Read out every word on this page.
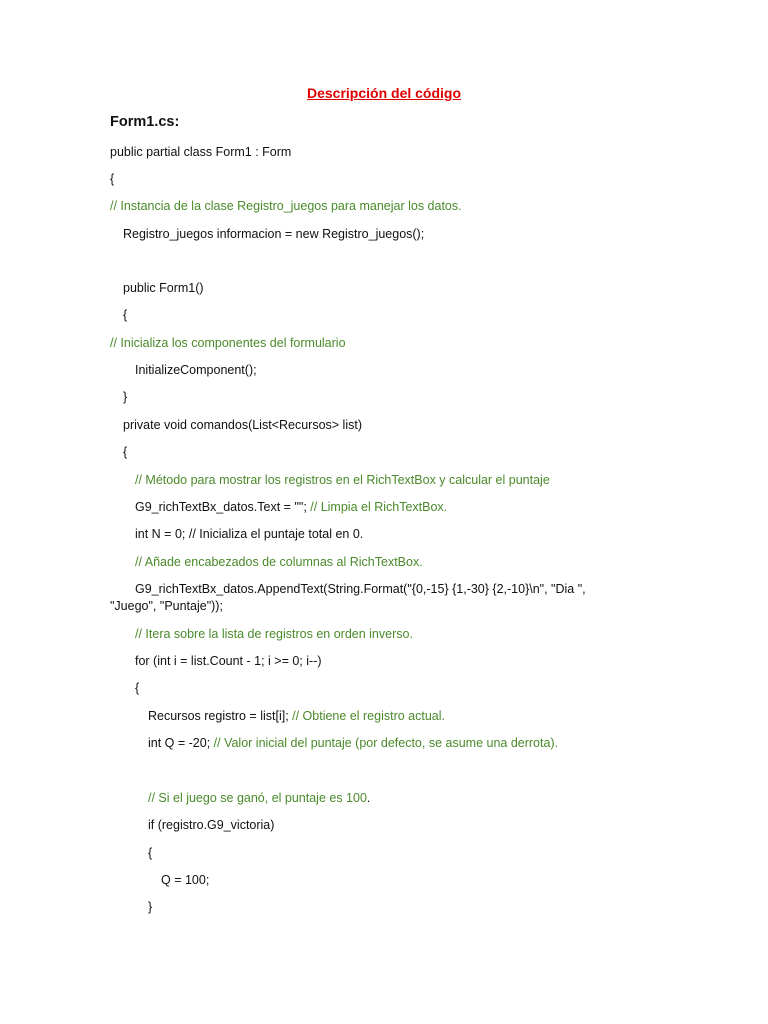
Descripción del código

Form1.cs:

public partial class Form1 : Form

{

// Instancia de la clase Registro_juegos para manejar los datos.

Registro_juegos informacion = new Registro_juegos();

public Form1()

{

// Inicializa los componentes del formulario

InitializeComponent();

}

private void comandos(List<Recursos> list)

{

// Método para mostrar los registros en el RichTextBox y calcular el puntaje

G9_richTextBx_datos.Text = ""; // Limpia el RichTextBox.

int N = 0; // Inicializa el puntaje total en 0.

// Añade encabezados de columnas al RichTextBox.

G9_richTextBx_datos.AppendText(String.Format("{0,-15} {1,-30} {2,-10}\n", "Dia ",

"Juego", "Puntaje"));

// Itera sobre la lista de registros en orden inverso.

for (int i = list.Count - 1; i >= 0; i--)

{

Recursos registro = list[i]; // Obtiene el registro actual.

int Q = -20; // Valor inicial del puntaje (por defecto, se asume una derrota).

// Si el juego se ganó, el puntaje es 100.

if (registro.G9_victoria)

{

Q = 100;

}
